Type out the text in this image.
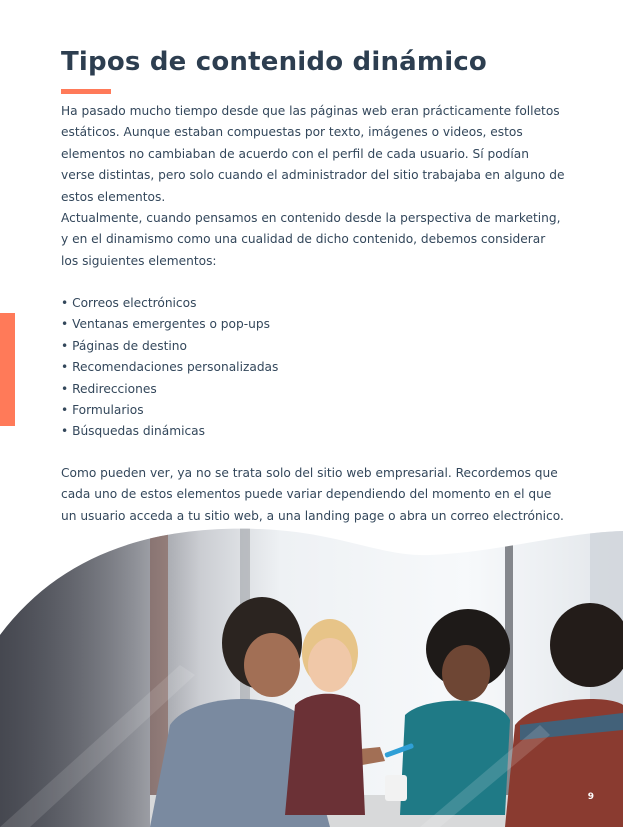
Tipos de contenido dinámico

Ha pasado mucho tiempo desde que las páginas web eran prácticamente folletos estáticos. Aunque estaban compuestas por texto, imágenes o videos, estos elementos no cambiaban de acuerdo con el perfil de cada usuario. Sí podían verse distintas, pero solo cuando el administrador del sitio trabajaba en alguno de estos elementos.

Actualmente, cuando pensamos en contenido desde la perspectiva de marketing, y en el dinamismo como una cualidad de dicho contenido, debemos considerar los siguientes elementos:

• Correos electrónicos
• Ventanas emergentes o pop-ups
• Páginas de destino
• Recomendaciones personalizadas
• Redirecciones
• Formularios
• Búsquedas dinámicas

Como pueden ver, ya no se trata solo del sitio web empresarial. Recordemos que cada uno de estos elementos puede variar dependiendo del momento en el que un usuario acceda a tu sitio web, a una landing page o abra un correo electrónico.

9
